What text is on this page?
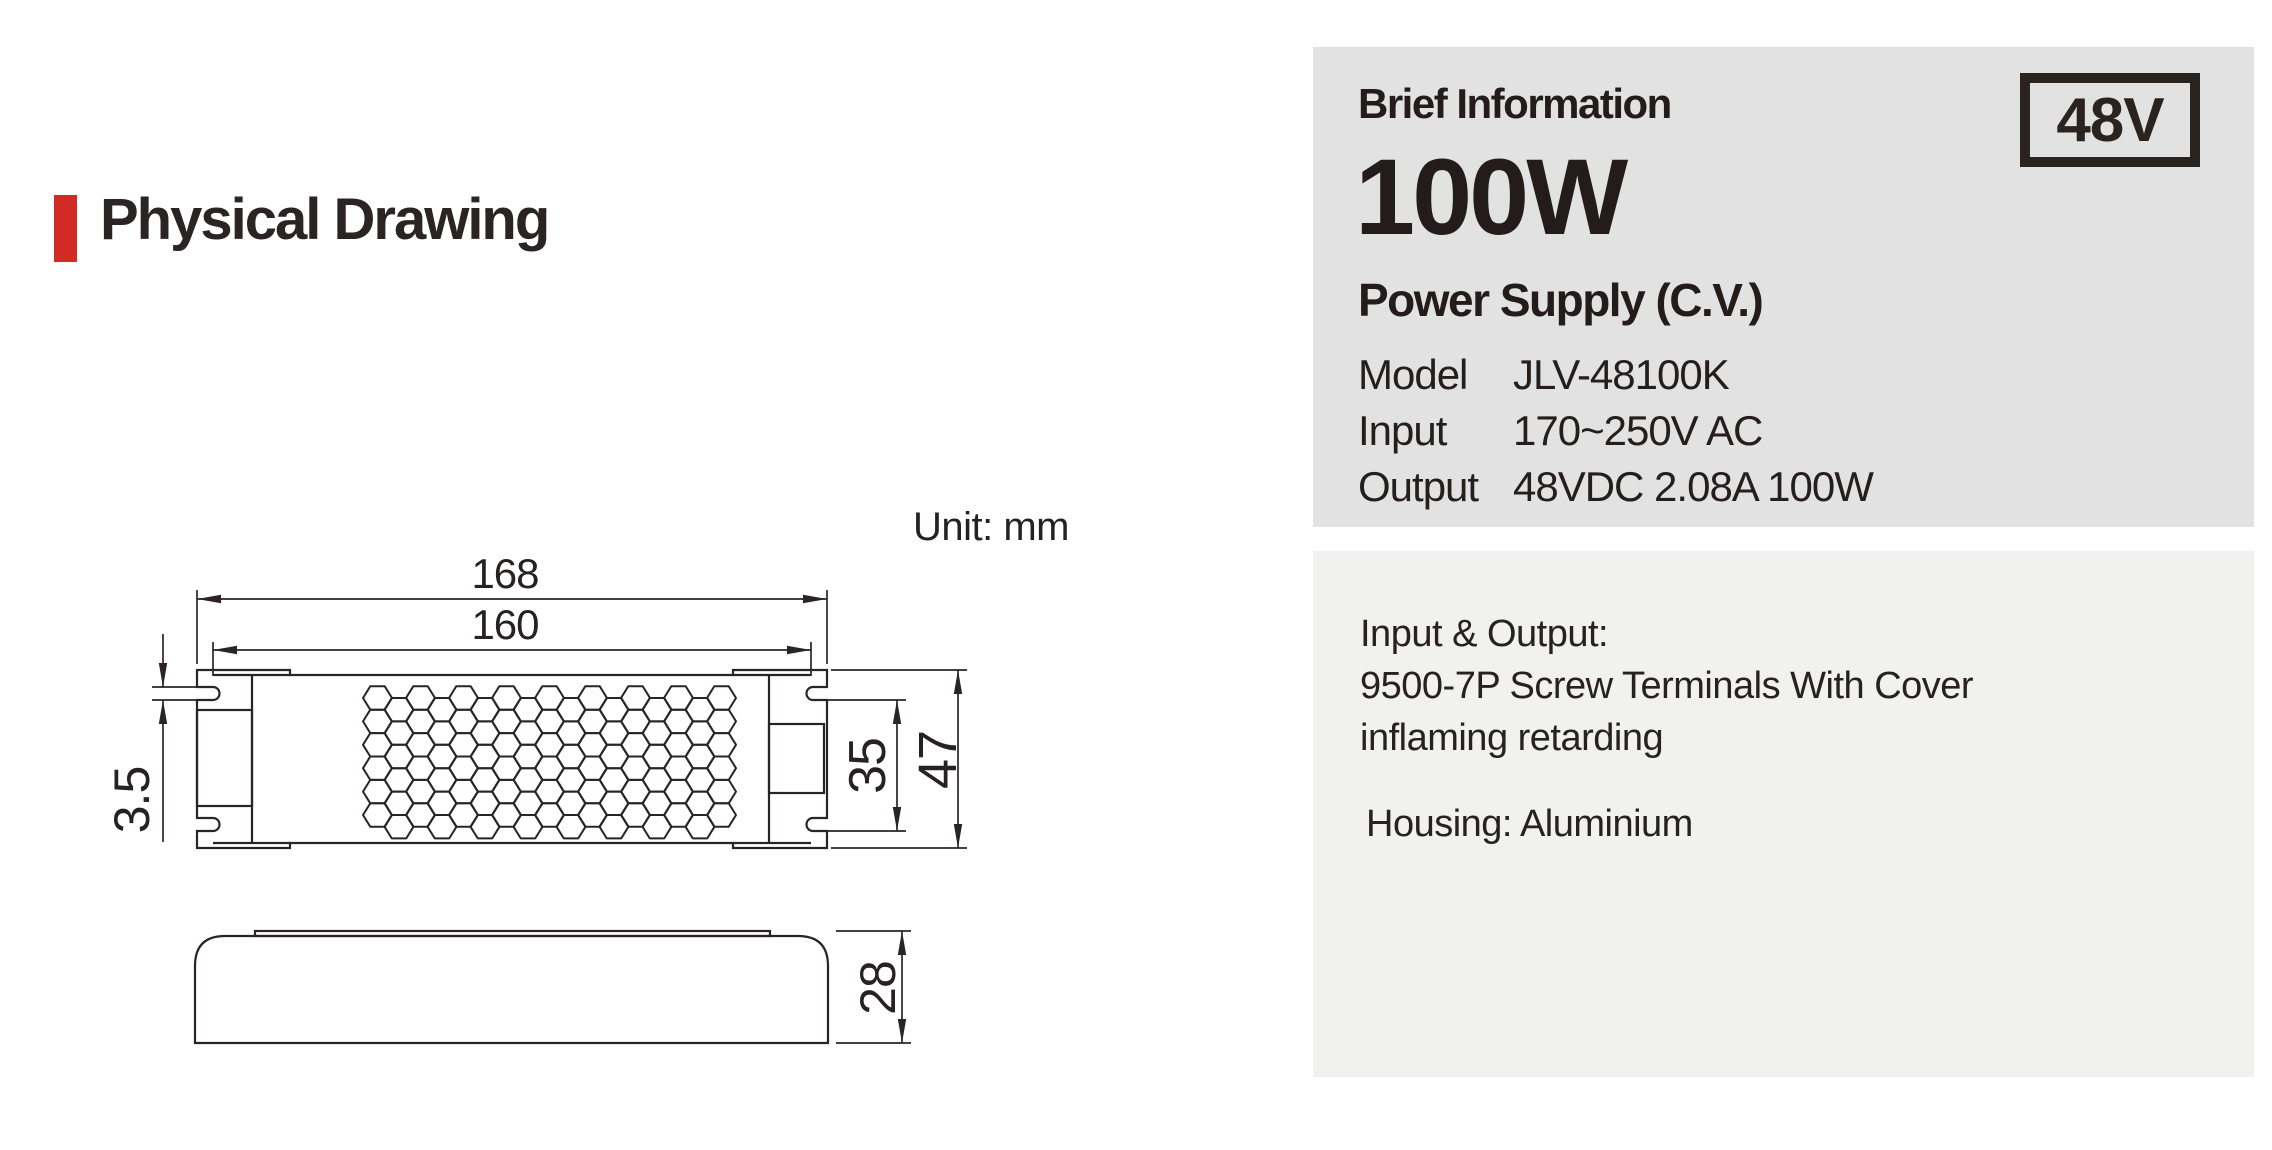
Physical Drawing
Unit: mm
168
160
3.5
35 47
28
Brief Information	48V
100W
Power Supply (C.V.)
Model	JLV-48100K
Input	170~250V AC
Output 48VDC 2.08A 100W
Input & Output:
9500-7P Screw Terminals With Cover
inflaming retarding
Housing: Aluminium
